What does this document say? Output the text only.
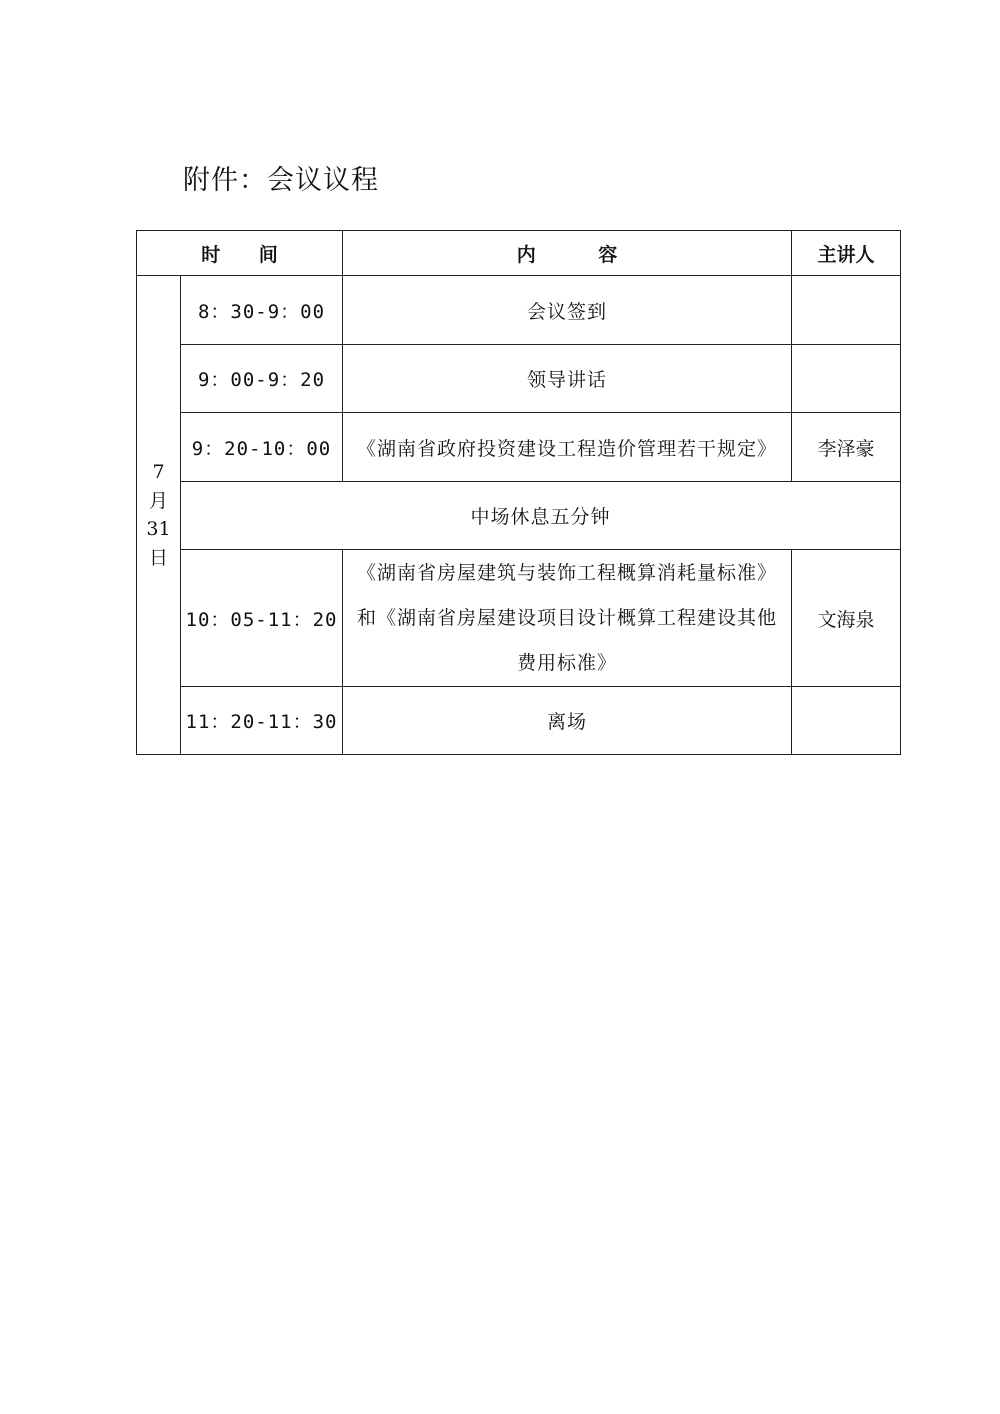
附件：会议议程
时 间		内 容	主讲人

7
月
31
日	8：30-9：00	会议签到	
	9：00-9：20	领导讲话	
	9：20-10：00	《湖南省政府投资建设工程造价管理若干规定》	李泽豪
	中场休息五分钟		
	10：05-11：20	《湖南省房屋建筑与装饰工程概算消耗量标准》
和《湖南省房屋建设项目设计概算工程建设其他
费用标准》	文海泉
	11：20-11：30	离场	
